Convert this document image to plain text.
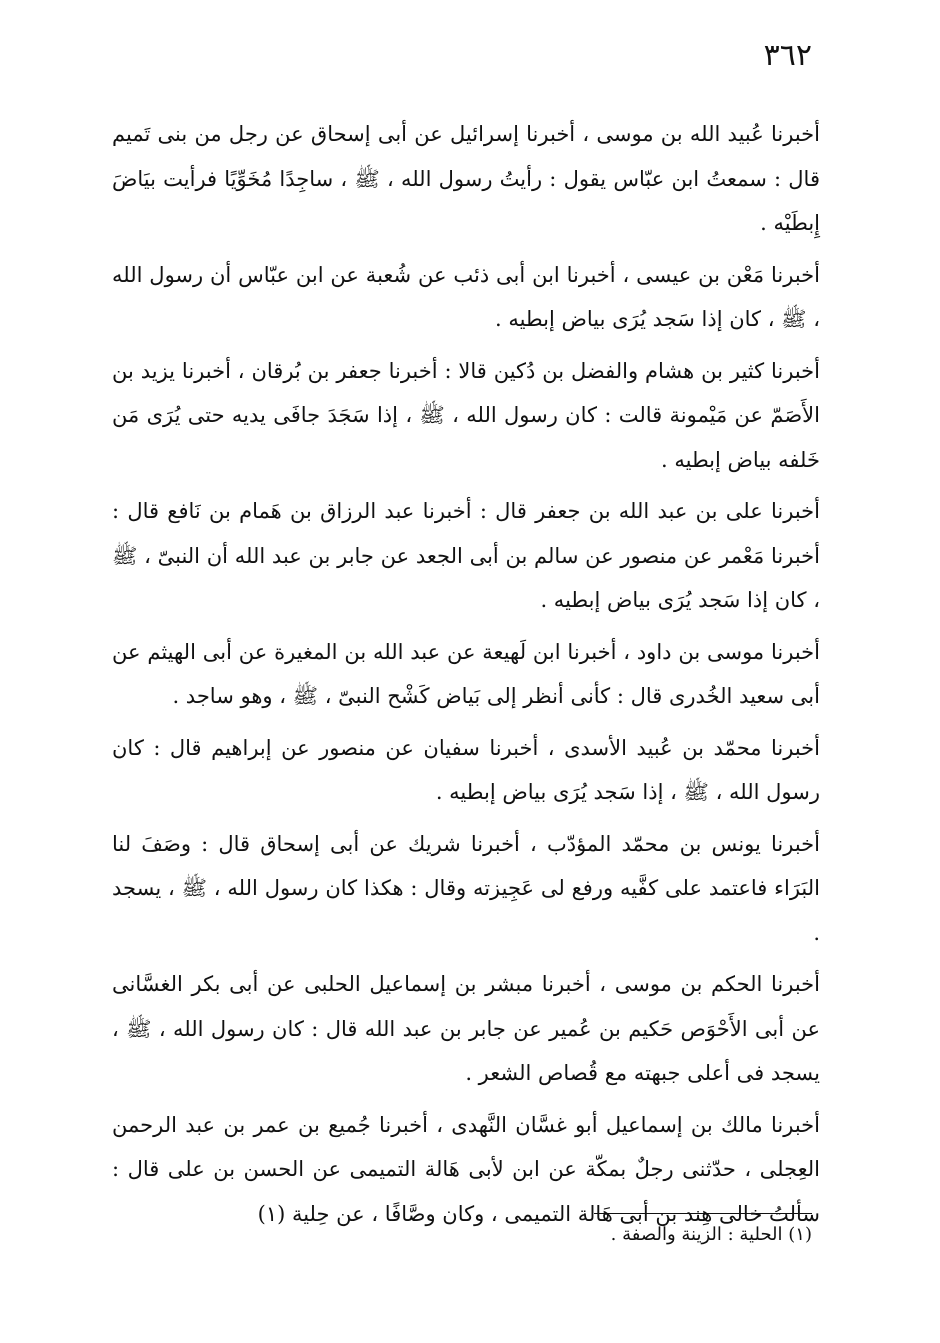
٣٦٢

أخبرنا عُبيد الله بن موسى ، أخبرنا إسرائيل عن أبى إسحاق عن رجل من بنى تَميم قال : سمعتُ ابن عبّاس يقول : رأيتُ رسول الله ، ﷺ ، ساجِدًا مُخَوِّيًا فرأيت بيَاضَ إِبطَيْه .

أخبرنا مَعْن بن عيسى ، أخبرنا ابن أبى ذئب عن شُعبة عن ابن عبّاس أن رسول الله ، ﷺ ، كان إذا سَجد يُرَى بياض إبطيه .

أخبرنا كثير بن هشام والفضل بن دُكين قالا : أخبرنا جعفر بن بُرقان ، أخبرنا يزيد بن الأَصَمّ عن مَيْمونة قالت : كان رسول الله ، ﷺ ، إذا سَجَدَ جافَى يديه حتى يُرَى مَن خَلفه بياض إبطيه .

أخبرنا على بن عبد الله بن جعفر قال : أخبرنا عبد الرزاق بن هَمام بن نَافع قال : أخبرنا مَعْمر عن منصور عن سالم بن أبى الجعد عن جابر بن عبد الله أن النبىّ ، ﷺ ، كان إذا سَجد يُرَى بياض إبطيه .

أخبرنا موسى بن داود ، أخبرنا ابن لَهيعة عن عبد الله بن المغيرة عن أبى الهيثم عن أبى سعيد الخُدرى قال : كأنى أنظر إلى بَياض كَشْح النبىّ ، ﷺ ، وهو ساجد .

أخبرنا محمّد بن عُبيد الأسدى ، أخبرنا سفيان عن منصور عن إبراهيم قال : كان رسول الله ، ﷺ ، إذا سَجد يُرَى بياض إبطيه .

أخبرنا يونس بن محمّد المؤدّب ، أخبرنا شريك عن أبى إسحاق قال : وصَفَ لنا البَرَاء فاعتمد على كفَّيه ورفع لى عَجِيزته وقال : هكذا كان رسول الله ، ﷺ ، يسجد .

أخبرنا الحكم بن موسى ، أخبرنا مبشر بن إسماعيل الحلبى عن أبى بكر الغسَّانى عن أبى الأَحْوَص حَكيم بن عُمير عن جابر بن عبد الله قال : كان رسول الله ، ﷺ ، يسجد فى أعلى جبهته مع قُصاص الشعر .

أخبرنا مالك بن إسماعيل أبو غسَّان النَّهدى ، أخبرنا جُميع بن عمر بن عبد الرحمن العِجلى ، حدّثنى رجلٌ بمكّة عن ابن لأبى هَالة التميمى عن الحسن بن على قال : سألتُ خالى هِند بن أبى هَالة التميمى ، وكان وصَّافًا ، عن حِلية (١)

(١) الحلية : الزينة والصفة .
